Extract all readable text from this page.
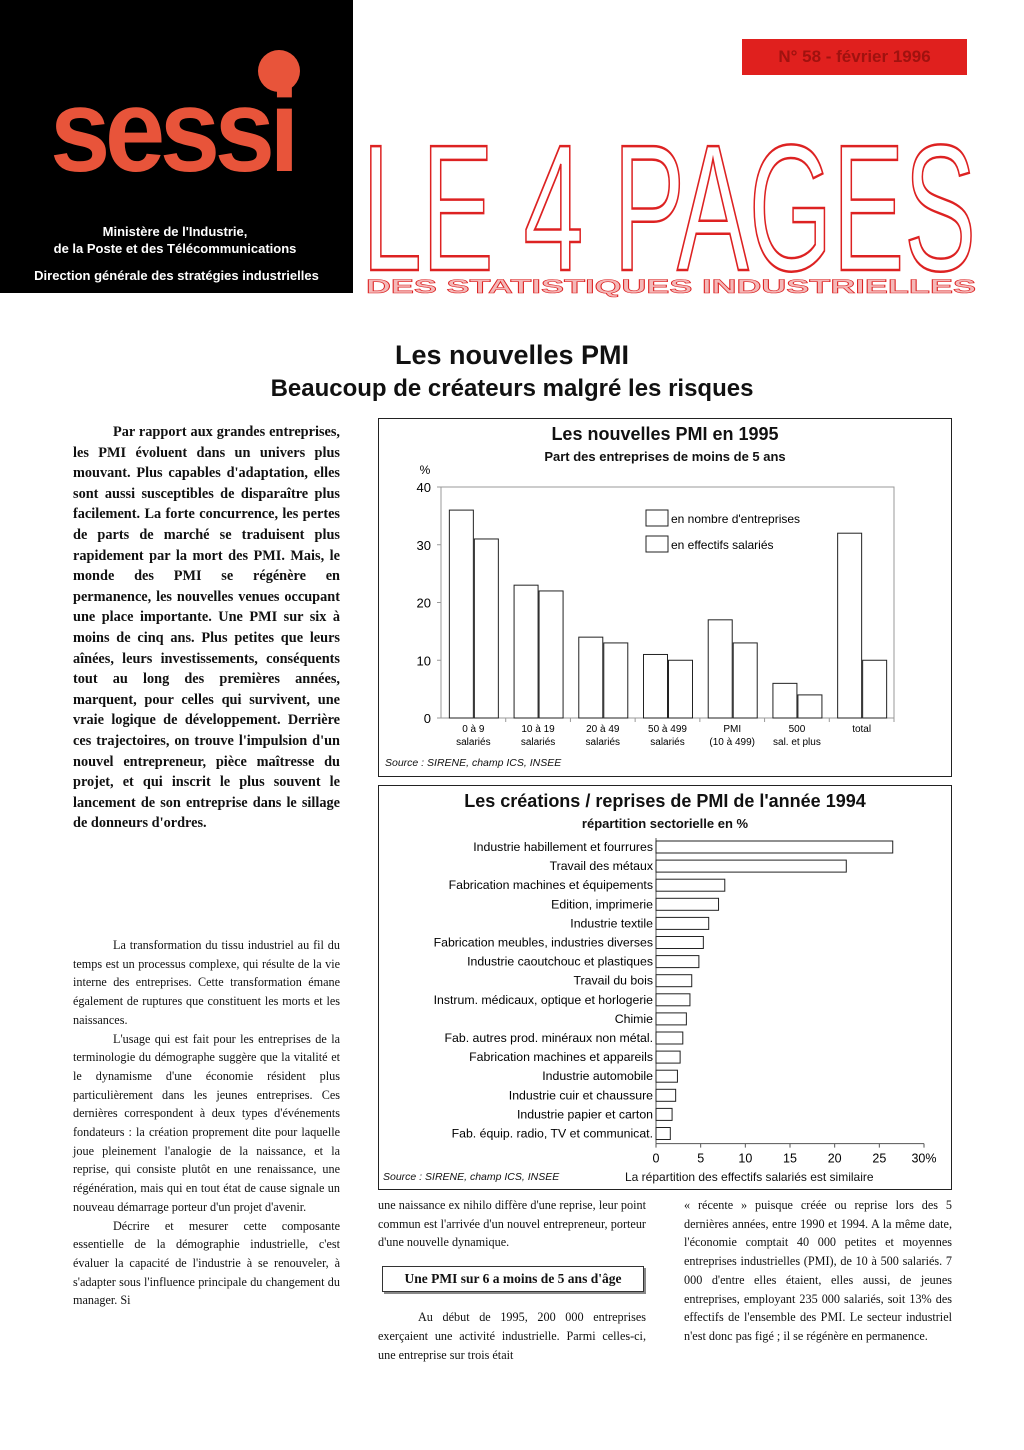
sessi
Ministère de l'Industrie,
de la Poste et des Télécommunications
Direction générale des stratégies industrielles
N° 58 - février 1996
LE 4 PAGES
DES STATISTIQUES INDUSTRIELLES
Les nouvelles PMI
Beaucoup de créateurs malgré les risques

Par rapport aux grandes entreprises, les PMI évoluent dans un univers plus mouvant. Plus capables d'adaptation, elles sont aussi susceptibles de disparaître plus facilement. La forte concurrence, les pertes de parts de marché se traduisent plus rapidement par la mort des PMI. Mais, le monde des PMI se régénère en permanence, les nouvelles venues occupant une place importante. Une PMI sur six à moins de cinq ans. Plus petites que leurs aînées, leurs investissements, conséquents tout au long des premières années, marquent, pour celles qui survivent, une vraie logique de développement. Derrière ces trajectoires, on trouve l'impulsion d'un nouvel entrepreneur, pièce maîtresse du projet, et qui inscrit le plus souvent le lancement de son entreprise dans le sillage de donneurs d'ordres.

La transformation du tissu industriel au fil du temps est un processus complexe, qui résulte de la vie interne des entreprises. Cette transformation émane également de ruptures que constituent les morts et les naissances.

L'usage qui est fait pour les entreprises de la terminologie du démographe suggère que la vitalité et le dynamisme d'une économie résident plus particulièrement dans les jeunes entreprises. Ces dernières correspondent à deux types d'événements fondateurs : la création proprement dite pour laquelle joue pleinement l'analogie de la naissance, et la reprise, qui consiste plutôt en une renaissance, une régénération, mais qui en tout état de cause signale un nouveau démarrage porteur d'un projet d'avenir.

Décrire et mesurer cette composante essentielle de la démographie industrielle, c'est évaluer la capacité de l'industrie à se renouveler, à s'adapter sous l'influence principale du changement du manager. Si

une naissance ex nihilo diffère d'une reprise, leur point commun est l'arrivée d'un nouvel entrepreneur, porteur d'une nouvelle dynamique.

Une PMI sur 6 a moins de 5 ans d'âge

Au début de 1995, 200 000 entreprises exerçaient une activité industrielle. Parmi celles-ci, une entreprise sur trois était

« récente » puisque créée ou reprise lors des 5 dernières années, entre 1990 et 1994. A la même date, l'économie comptait 40 000 petites et moyennes entreprises industrielles (PMI), de 10 à 500 salariés. 7 000 d'entre elles étaient, elles aussi, de jeunes entreprises, employant 235 000 salariés, soit 13% des effectifs de l'ensemble des PMI. Le secteur industriel n'est donc pas figé ; il se régénère en permanence.

Les nouvelles PMI en 1995
Part des entreprises de moins de 5 ans
%
0
10
20
30
40
0 à 9
salariés
10 à 19
salariés
20 à 49
salariés
50 à 499
salariés
PMI
(10 à 499)
500
sal. et plus
total
en nombre d'entreprises
en effectifs salariés
Source : SIRENE, champ ICS, INSEE
Les créations / reprises de PMI de l'année 1994
répartition sectorielle en %
Industrie habillement et fourrures
Travail des métaux
Fabrication machines et équipements
Edition, imprimerie
Industrie textile
Fabrication meubles, industries diverses
Industrie caoutchouc et plastiques
Travail du bois
Instrum. médicaux, optique et horlogerie
Chimie
Fab. autres prod. minéraux non métal.
Fabrication machines et appareils
Industrie automobile
Industrie cuir et chaussure
Industrie papier et carton
Fab. équip. radio, TV et communicat.
0	5	10 15 20 25 30%
Source : SIRENE, champ ICS, INSEE	La répartition des effectifs salariés est similaire
